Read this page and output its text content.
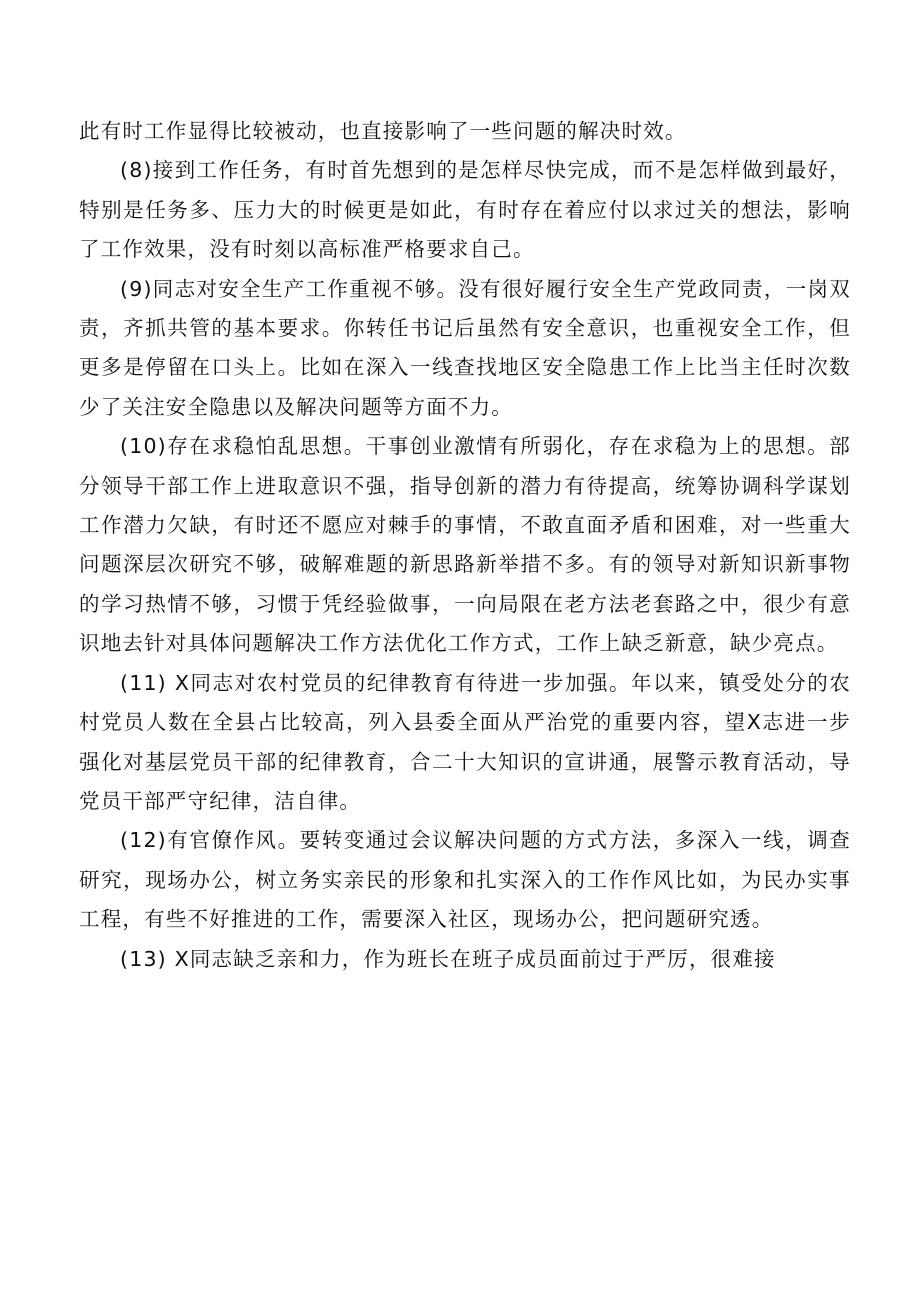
此有时工作显得比较被动，也直接影响了一些问题的解决时效。

(8)接到工作任务，有时首先想到的是怎样尽快完成，而不是怎样做到最好，特别是任务多、压力大的时候更是如此，有时存在着应付以求过关的想法，影响了工作效果，没有时刻以高标准严格要求自己。

(9)同志对安全生产工作重视不够。没有很好履行安全生产党政同责，一岗双责，齐抓共管的基本要求。你转任书记后虽然有安全意识，也重视安全工作，但更多是停留在口头上。比如在深入一线查找地区安全隐患工作上比当主任时次数少了关注安全隐患以及解决问题等方面不力。

(10)存在求稳怕乱思想。干事创业激情有所弱化，存在求稳为上的思想。部分领导干部工作上进取意识不强，指导创新的潜力有待提高，统筹协调科学谋划工作潜力欠缺，有时还不愿应对棘手的事情，不敢直面矛盾和困难，对一些重大问题深层次研究不够，破解难题的新思路新举措不多。有的领导对新知识新事物的学习热情不够，习惯于凭经验做事，一向局限在老方法老套路之中，很少有意识地去针对具体问题解决工作方法优化工作方式，工作上缺乏新意，缺少亮点。

(11) X同志对农村党员的纪律教育有待进一步加强。年以来，镇受处分的农村党员人数在全县占比较高，列入县委全面从严治党的重要内容，望X志进一步强化对基层党员干部的纪律教育，合二十大知识的宣讲通，展警示教育活动，导党员干部严守纪律，洁自律。

(12)有官僚作风。要转变通过会议解决问题的方式方法，多深入一线，调查研究，现场办公，树立务实亲民的形象和扎实深入的工作作风比如，为民办实事工程，有些不好推进的工作，需要深入社区，现场办公，把问题研究透。

(13) X同志缺乏亲和力，作为班长在班子成员面前过于严厉，很难接
